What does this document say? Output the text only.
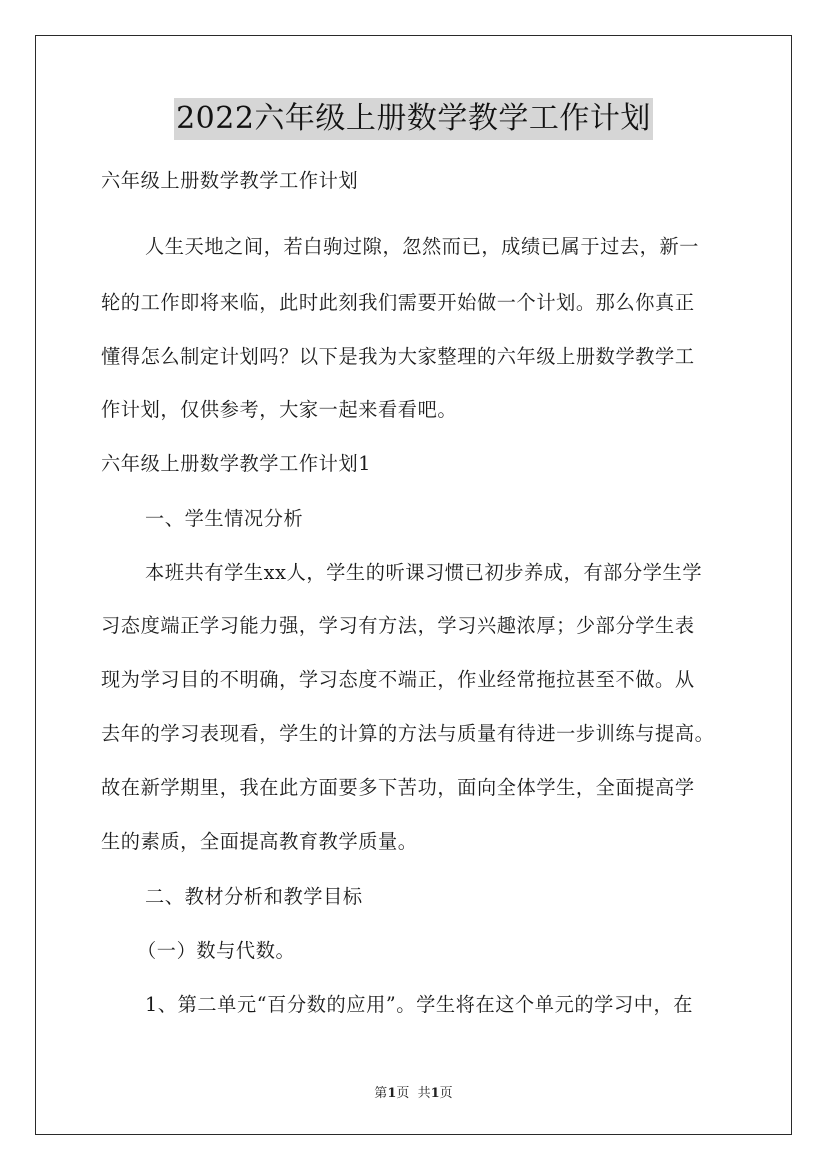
2022六年级上册数学教学工作计划
六年级上册数学教学工作计划
人生天地之间，若白驹过隙，忽然而已，成绩已属于过去，新一
轮的工作即将来临，此时此刻我们需要开始做一个计划。那么你真正
懂得怎么制定计划吗？以下是我为大家整理的六年级上册数学教学工
作计划，仅供参考，大家一起来看看吧。
六年级上册数学教学工作计划1
一、学生情况分析
本班共有学生xx人，学生的听课习惯已初步养成，有部分学生学
习态度端正学习能力强，学习有方法，学习兴趣浓厚；少部分学生表
现为学习目的不明确，学习态度不端正，作业经常拖拉甚至不做。从
去年的学习表现看，学生的计算的方法与质量有待进一步训练与提高。
故在新学期里，我在此方面要多下苦功，面向全体学生，全面提高学
生的素质，全面提高教育教学质量。
二、教材分析和教学目标
（一）数与代数。
1、第二单元“百分数的应用”。学生将在这个单元的学习中，在
第1页  共1页
